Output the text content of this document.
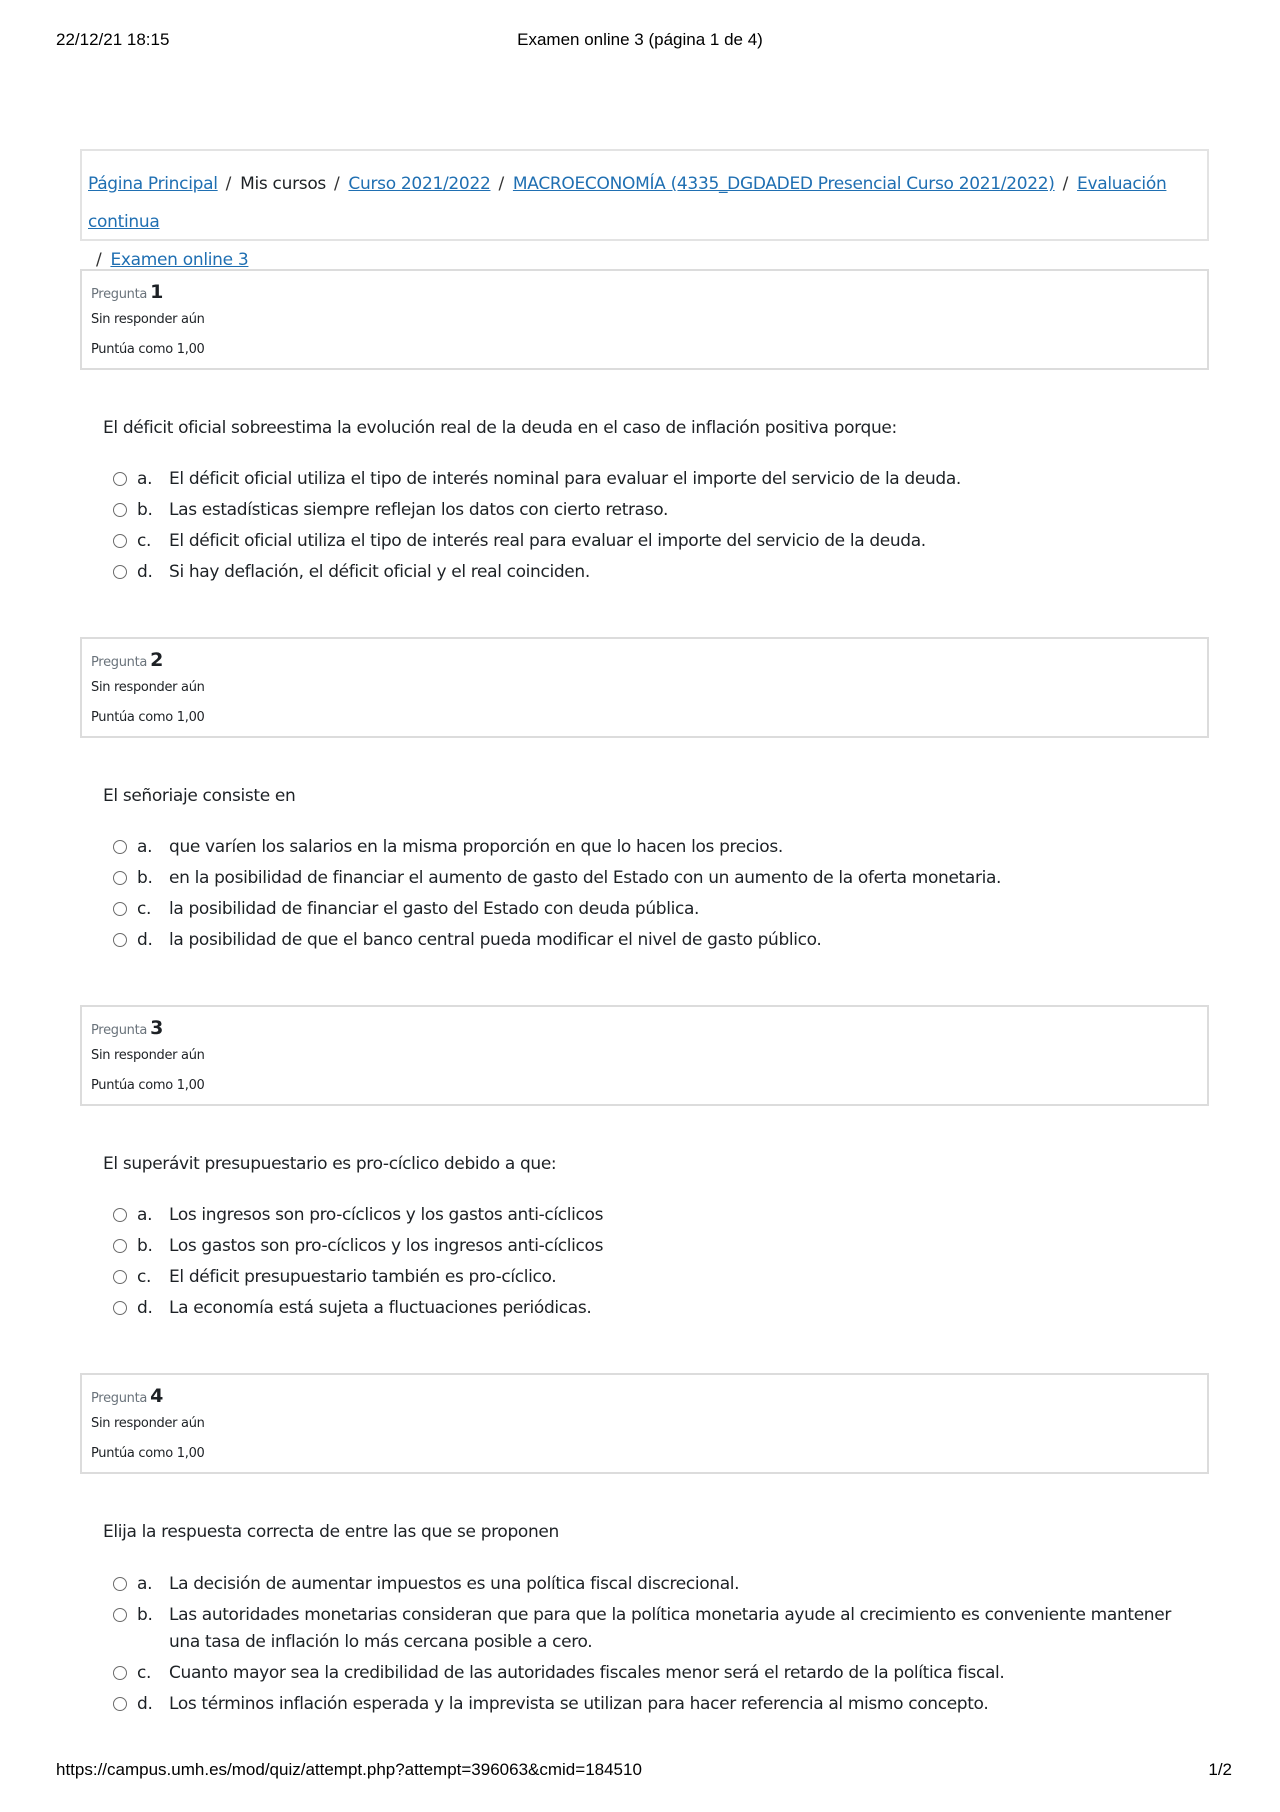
22/12/21 18:15	Examen online 3 (página 1 de 4)
Página Principal / Mis cursos / Curso 2021/2022 / MACROECONOMÍA (4335_DGDADED Presencial Curso 2021/2022) / Evaluación continua
/ Examen online 3
Pregunta 1
Sin responder aún
Puntúa como 1,00
El déficit oficial sobreestima la evolución real de la deuda en el caso de inflación positiva porque:
a. El déficit oficial utiliza el tipo de interés nominal para evaluar el importe del servicio de la deuda.
b. Las estadísticas siempre reflejan los datos con cierto retraso.
c. El déficit oficial utiliza el tipo de interés real para evaluar el importe del servicio de la deuda.
d. Si hay deflación, el déficit oficial y el real coinciden.
Pregunta 2
Sin responder aún
Puntúa como 1,00
El señoriaje consiste en
a. que varíen los salarios en la misma proporción en que lo hacen los precios.
b. en la posibilidad de financiar el aumento de gasto del Estado con un aumento de la oferta monetaria.
c. la posibilidad de financiar el gasto del Estado con deuda pública.
d. la posibilidad de que el banco central pueda modificar el nivel de gasto público.
Pregunta 3
Sin responder aún
Puntúa como 1,00
El superávit presupuestario es pro-cíclico debido a que:
a. Los ingresos son pro-cíclicos y los gastos anti-cíclicos
b. Los gastos son pro-cíclicos y los ingresos anti-cíclicos
c. El déficit presupuestario también es pro-cíclico.
d. La economía está sujeta a fluctuaciones periódicas.
Pregunta 4
Sin responder aún
Puntúa como 1,00
Elija la respuesta correcta de entre las que se proponen
a. La decisión de aumentar impuestos es una política fiscal discrecional.
b. Las autoridades monetarias consideran que para que la política monetaria ayude al crecimiento es conveniente mantener una tasa de inflación lo más cercana posible a cero.
c. Cuanto mayor sea la credibilidad de las autoridades fiscales menor será el retardo de la política fiscal.
d. Los términos inflación esperada y la imprevista se utilizan para hacer referencia al mismo concepto.
https://campus.umh.es/mod/quiz/attempt.php?attempt=396063&cmid=184510	1/2
